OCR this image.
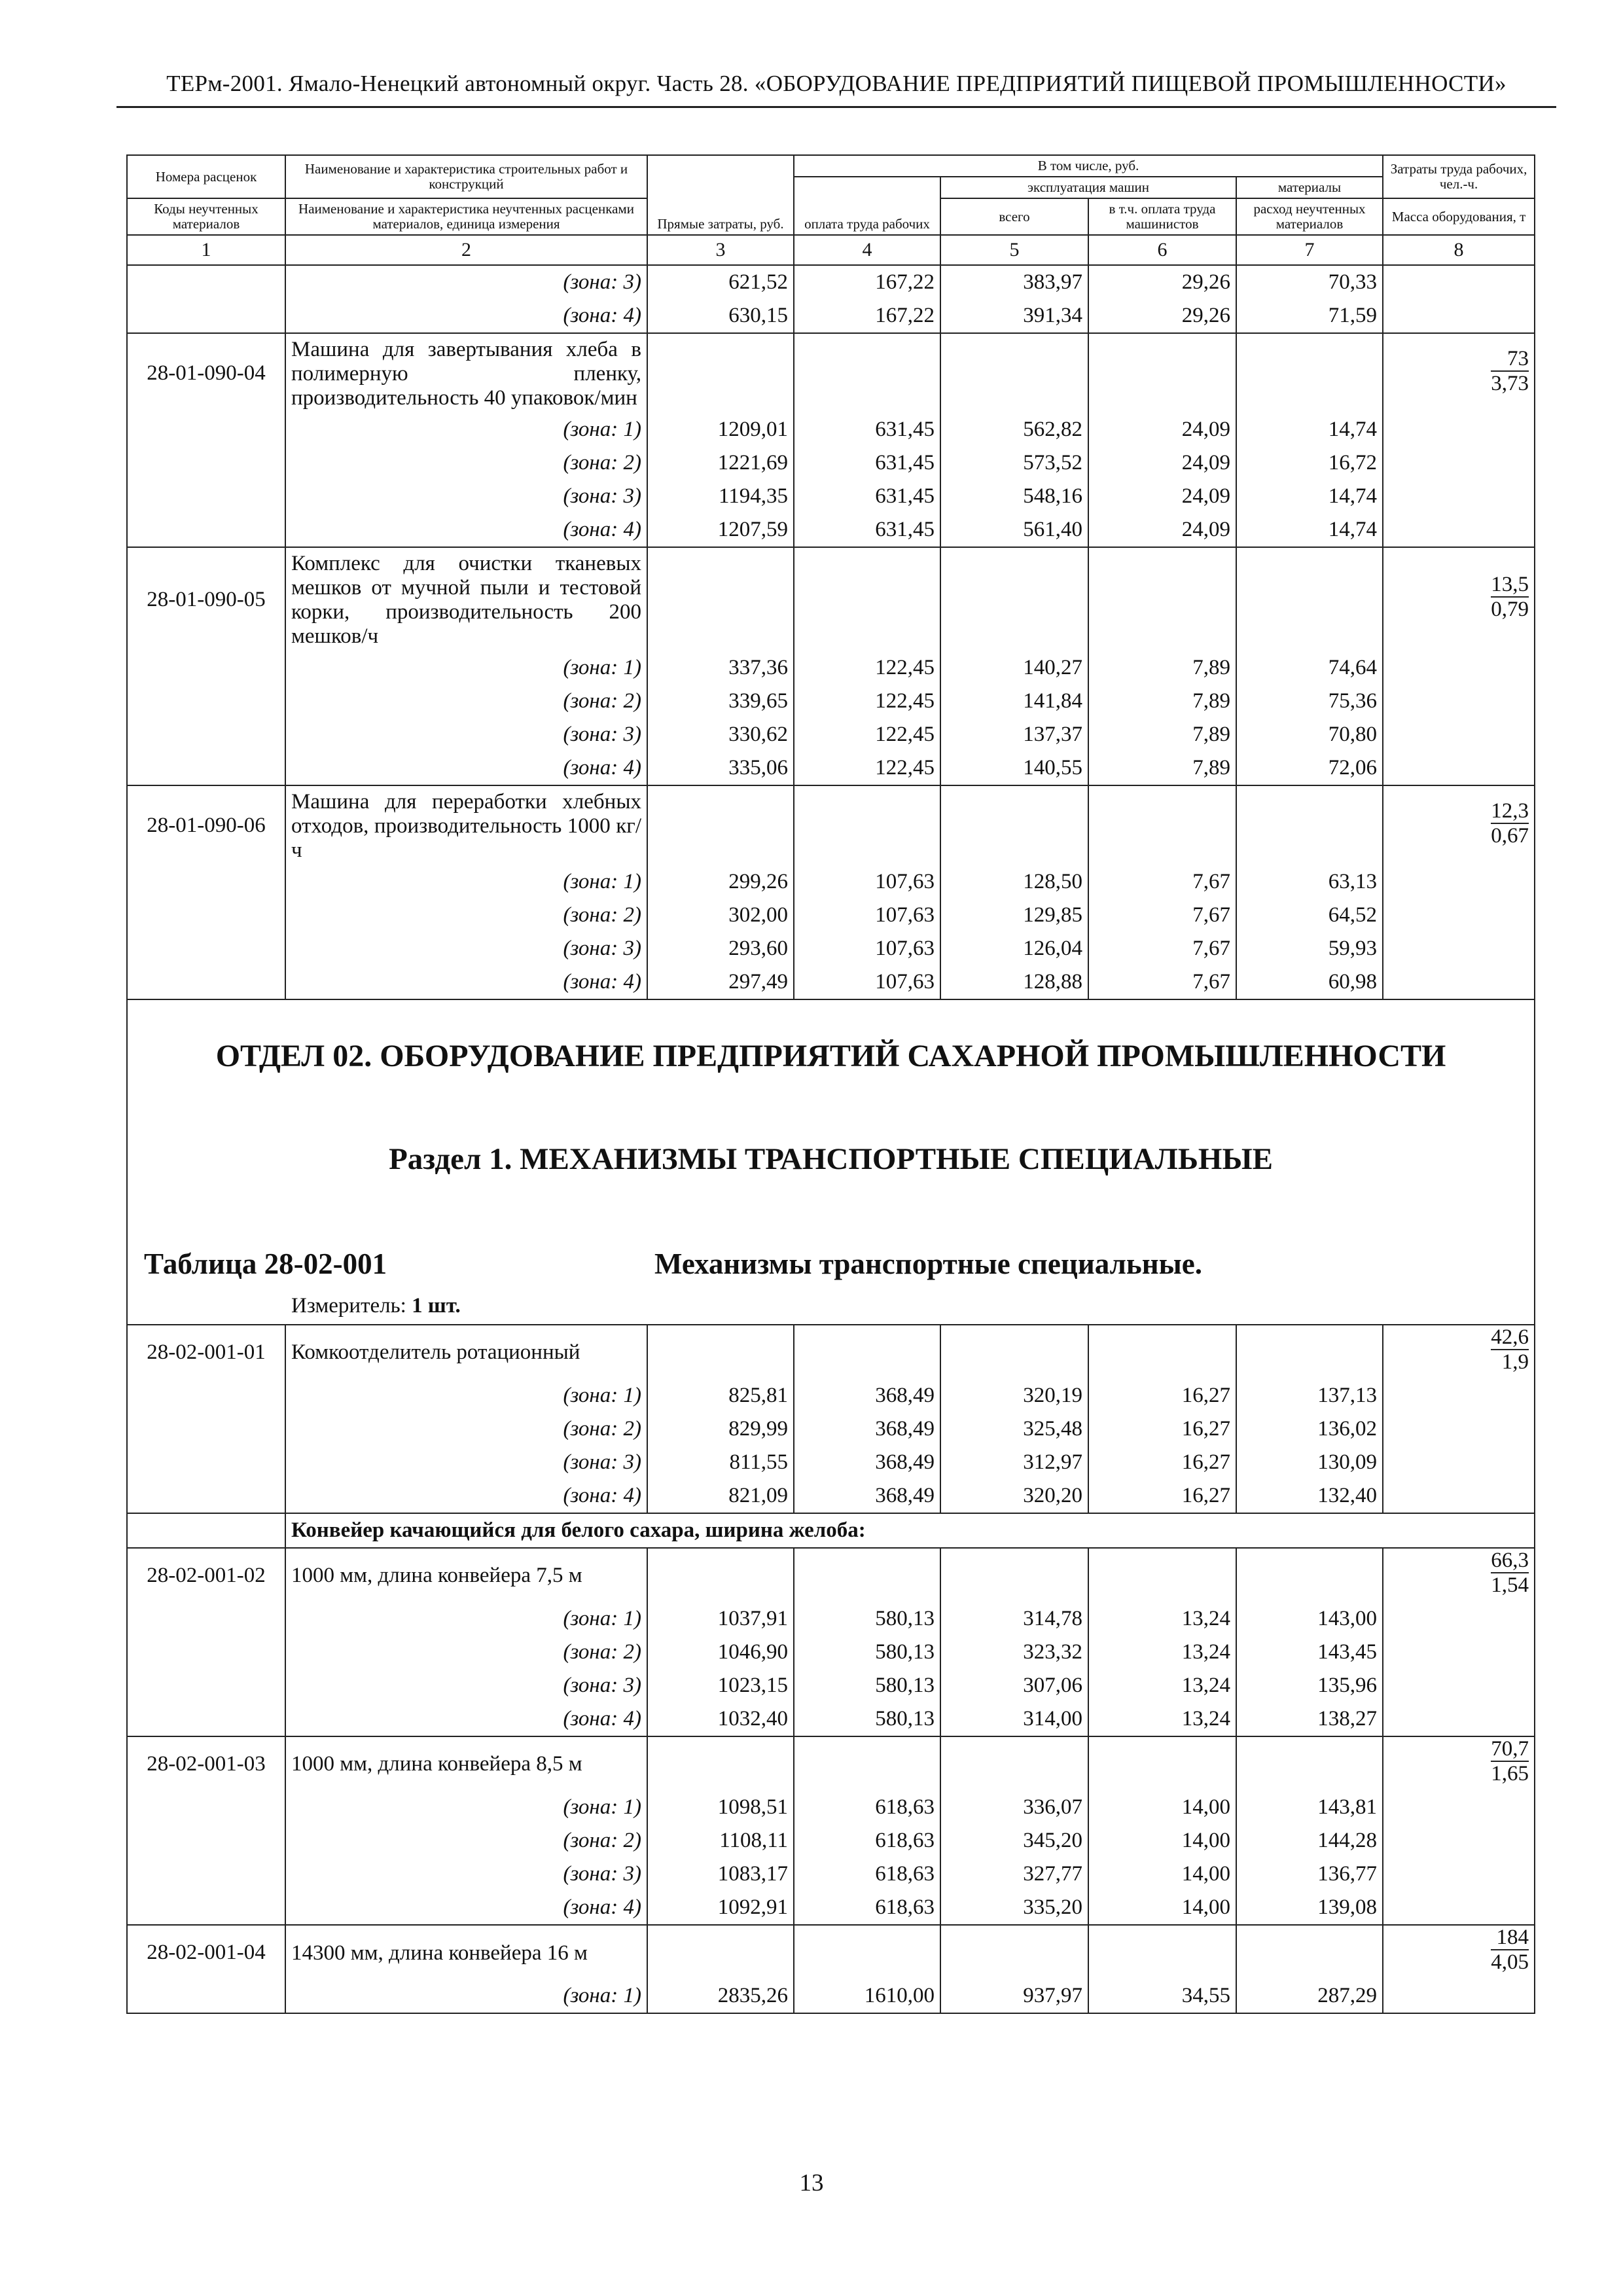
ТЕРм-2001. Ямало-Ненецкий автономный округ. Часть 28. «ОБОРУДОВАНИЕ ПРЕДПРИЯТИЙ ПИЩЕВОЙ ПРОМЫШЛЕННОСТИ»
Номера расценок	Наименование и характеристика строительных работ и конструкций	Прямые затраты, руб.	В том числе, руб.				Затраты труда рабочих, чел.-ч.
			оплата труда рабочих	эксплуатация машин		материалы	
				всего	в т.ч. оплата труда машинистов	расход неучтенных материалов	
Коды неучтенных материалов	Наименование и характеристика неучтенных расценками материалов, единица измерения						Масса оборудования, т

1	2	3	4	5	6	7	8
	(зона: 3)	621,52	167,22	383,97	29,26	70,33	
	(зона: 4)	630,15	167,22	391,34	29,26	71,59	
28-01-090-04	Машина для завертывания хлеба в полимерную пленку, производительность 40 упаковок/мин						$\frac{73}{3,73}$

	(зона: 1)	1209,01	631,45	562,82	24,09	14,74	
	(зона: 2)	1221,69	631,45	573,52	24,09	16,72	
	(зона: 3)	1194,35	631,45	548,16	24,09	14,74	
	(зона: 4)	1207,59	631,45	561,40	24,09	14,74	
28-01-090-05	Комплекс для очистки тканевых мешков от мучной пыли и тестовой корки, производительность 200 мешков/ч						$\frac{13,5}{0,79}$

	(зона: 1)	337,36	122,45	140,27	7,89	74,64	
	(зона: 2)	339,65	122,45	141,84	7,89	75,36	
	(зона: 3)	330,62	122,45	137,37	7,89	70,80	
	(зона: 4)	335,06	122,45	140,55	7,89	72,06	
28-01-090-06	Машина для переработки хлебных отходов, производительность 1000 кг/ч						$\frac{12,3}{0,67}$

	(зона: 1)	299,26	107,63	128,50	7,67	63,13	
	(зона: 2)	302,00	107,63	129,85	7,67	64,52	
	(зона: 3)	293,60	107,63	126,04	7,67	59,93	
	(зона: 4)	297,49	107,63	128,88	7,67	60,98	

ОТДЕЛ 02. ОБОРУДОВАНИЕ ПРЕДПРИЯТИЙ САХАРНОЙ ПРОМЫШЛЕННОСТИ
Раздел 1. МЕХАНИЗМЫ ТРАНСПОРТНЫЕ СПЕЦИАЛЬНЫЕ
Таблица 28-02-001 Механизмы транспортные специальные.
Измеритель: 1 шт.							

28-02-001-01	Комкоотделитель ротационный						$\frac{42,6}{1,9}$

	(зона: 1)	825,81	368,49	320,19	16,27	137,13	
	(зона: 2)	829,99	368,49	325,48	16,27	136,02	
	(зона: 3)	811,55	368,49	312,97	16,27	130,09	
	(зона: 4)	821,09	368,49	320,20	16,27	132,40	
	Конвейер качающийся для белого сахара, ширина желоба:						
28-02-001-02	1000 мм, длина конвейера 7,5 м						$\frac{66,3}{1,54}$

	(зона: 1)	1037,91	580,13	314,78	13,24	143,00	
	(зона: 2)	1046,90	580,13	323,32	13,24	143,45	
	(зона: 3)	1023,15	580,13	307,06	13,24	135,96	
	(зона: 4)	1032,40	580,13	314,00	13,24	138,27	
28-02-001-03	1000 мм, длина конвейера 8,5 м						$\frac{70,7}{1,65}$

	(зона: 1)	1098,51	618,63	336,07	14,00	143,81	
	(зона: 2)	1108,11	618,63	345,20	14,00	144,28	
	(зона: 3)	1083,17	618,63	327,77	14,00	136,77	
	(зона: 4)	1092,91	618,63	335,20	14,00	139,08	
28-02-001-04	14300 мм, длина конвейера 16 м						$\frac{184}{4,05}$

	(зона: 1)	2835,26	1610,00	937,97	34,55	287,29	
13
